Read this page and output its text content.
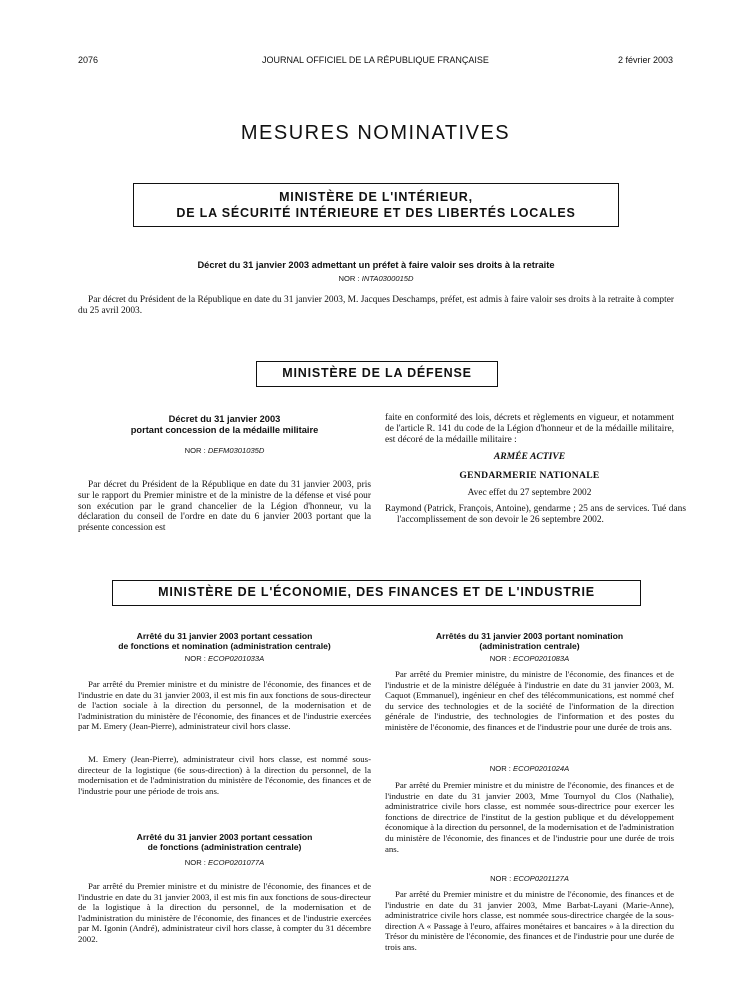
2076	JOURNAL OFFICIEL DE LA RÉPUBLIQUE FRANÇAISE	2 février 2003
MESURES NOMINATIVES
MINISTÈRE DE L'INTÉRIEUR,
DE LA SÉCURITÉ INTÉRIEURE ET DES LIBERTÉS LOCALES
Décret du 31 janvier 2003 admettant un préfet à faire valoir ses droits à la retraite
NOR : INTA0300015D

Par décret du Président de la République en date du 31 janvier 2003, M. Jacques Deschamps, préfet, est admis à faire valoir ses droits à la retraite à compter du 25 avril 2003.

MINISTÈRE DE LA DÉFENSE
Décret du 31 janvier 2003
portant concession de la médaille militaire
NOR : DEFM0301035D

Par décret du Président de la République en date du 31 janvier 2003, pris sur le rapport du Premier ministre et de la ministre de la défense et visé pour son exécution par le grand chancelier de la Légion d'honneur, vu la déclaration du conseil de l'ordre en date du 6 janvier 2003 portant que la présente concession est

faite en conformité des lois, décrets et règlements en vigueur, et notamment de l'article R. 141 du code de la Légion d'honneur et de la médaille militaire, est décoré de la médaille militaire :

ARMÉE ACTIVE
GENDARMERIE NATIONALE
Avec effet du 27 septembre 2002

Raymond (Patrick, François, Antoine), gendarme ; 25 ans de services. Tué dans l'accomplissement de son devoir le 26 septembre 2002.

MINISTÈRE DE L'ÉCONOMIE, DES FINANCES ET DE L'INDUSTRIE
Arrêté du 31 janvier 2003 portant cessation
de fonctions et nomination (administration centrale)
NOR : ECOP0201033A

Par arrêté du Premier ministre et du ministre de l'économie, des finances et de l'industrie en date du 31 janvier 2003, il est mis fin aux fonctions de sous-directeur de l'action sociale à la direction du personnel, de la modernisation et de l'administration du ministère de l'économie, des finances et de l'industrie exercées par M. Emery (Jean-Pierre), administrateur civil hors classe.

M. Emery (Jean-Pierre), administrateur civil hors classe, est nommé sous-directeur de la logistique (6e sous-direction) à la direction du personnel, de la modernisation et de l'administration du ministère de l'économie, des finances et de l'industrie pour une période de trois ans.

Arrêté du 31 janvier 2003 portant cessation
de fonctions (administration centrale)
NOR : ECOP0201077A

Par arrêté du Premier ministre et du ministre de l'économie, des finances et de l'industrie en date du 31 janvier 2003, il est mis fin aux fonctions de sous-directeur de la logistique à la direction du personnel, de la modernisation et de l'administration du ministère de l'économie, des finances et de l'industrie exercées par M. Igonin (André), administrateur civil hors classe, à compter du 31 décembre 2002.

Arrêtés du 31 janvier 2003 portant nomination
(administration centrale)
NOR : ECOP0201083A

Par arrêté du Premier ministre, du ministre de l'économie, des finances et de l'industrie et de la ministre déléguée à l'industrie en date du 31 janvier 2003, M. Caquot (Emmanuel), ingénieur en chef des télécommunications, est nommé chef du service des technologies et de la société de l'information de la direction générale de l'industrie, des technologies de l'information et des postes du ministère de l'économie, des finances et de l'industrie pour une durée de trois ans.

NOR : ECOP0201024A

Par arrêté du Premier ministre et du ministre de l'économie, des finances et de l'industrie en date du 31 janvier 2003, Mme Tournyol du Clos (Nathalie), administratrice civile hors classe, est nommée sous-directrice pour exercer les fonctions de directrice de l'institut de la gestion publique et du développement économique à la direction du personnel, de la modernisation et de l'administration du ministère de l'économie, des finances et de l'industrie pour une durée de trois ans.

NOR : ECOP0201127A

Par arrêté du Premier ministre et du ministre de l'économie, des finances et de l'industrie en date du 31 janvier 2003, Mme Barbat-Layani (Marie-Anne), administratrice civile hors classe, est nommée sous-directrice chargée de la sous-direction A « Passage à l'euro, affaires monétaires et bancaires » à la direction du Trésor du ministère de l'économie, des finances et de l'industrie pour une durée de trois ans.
